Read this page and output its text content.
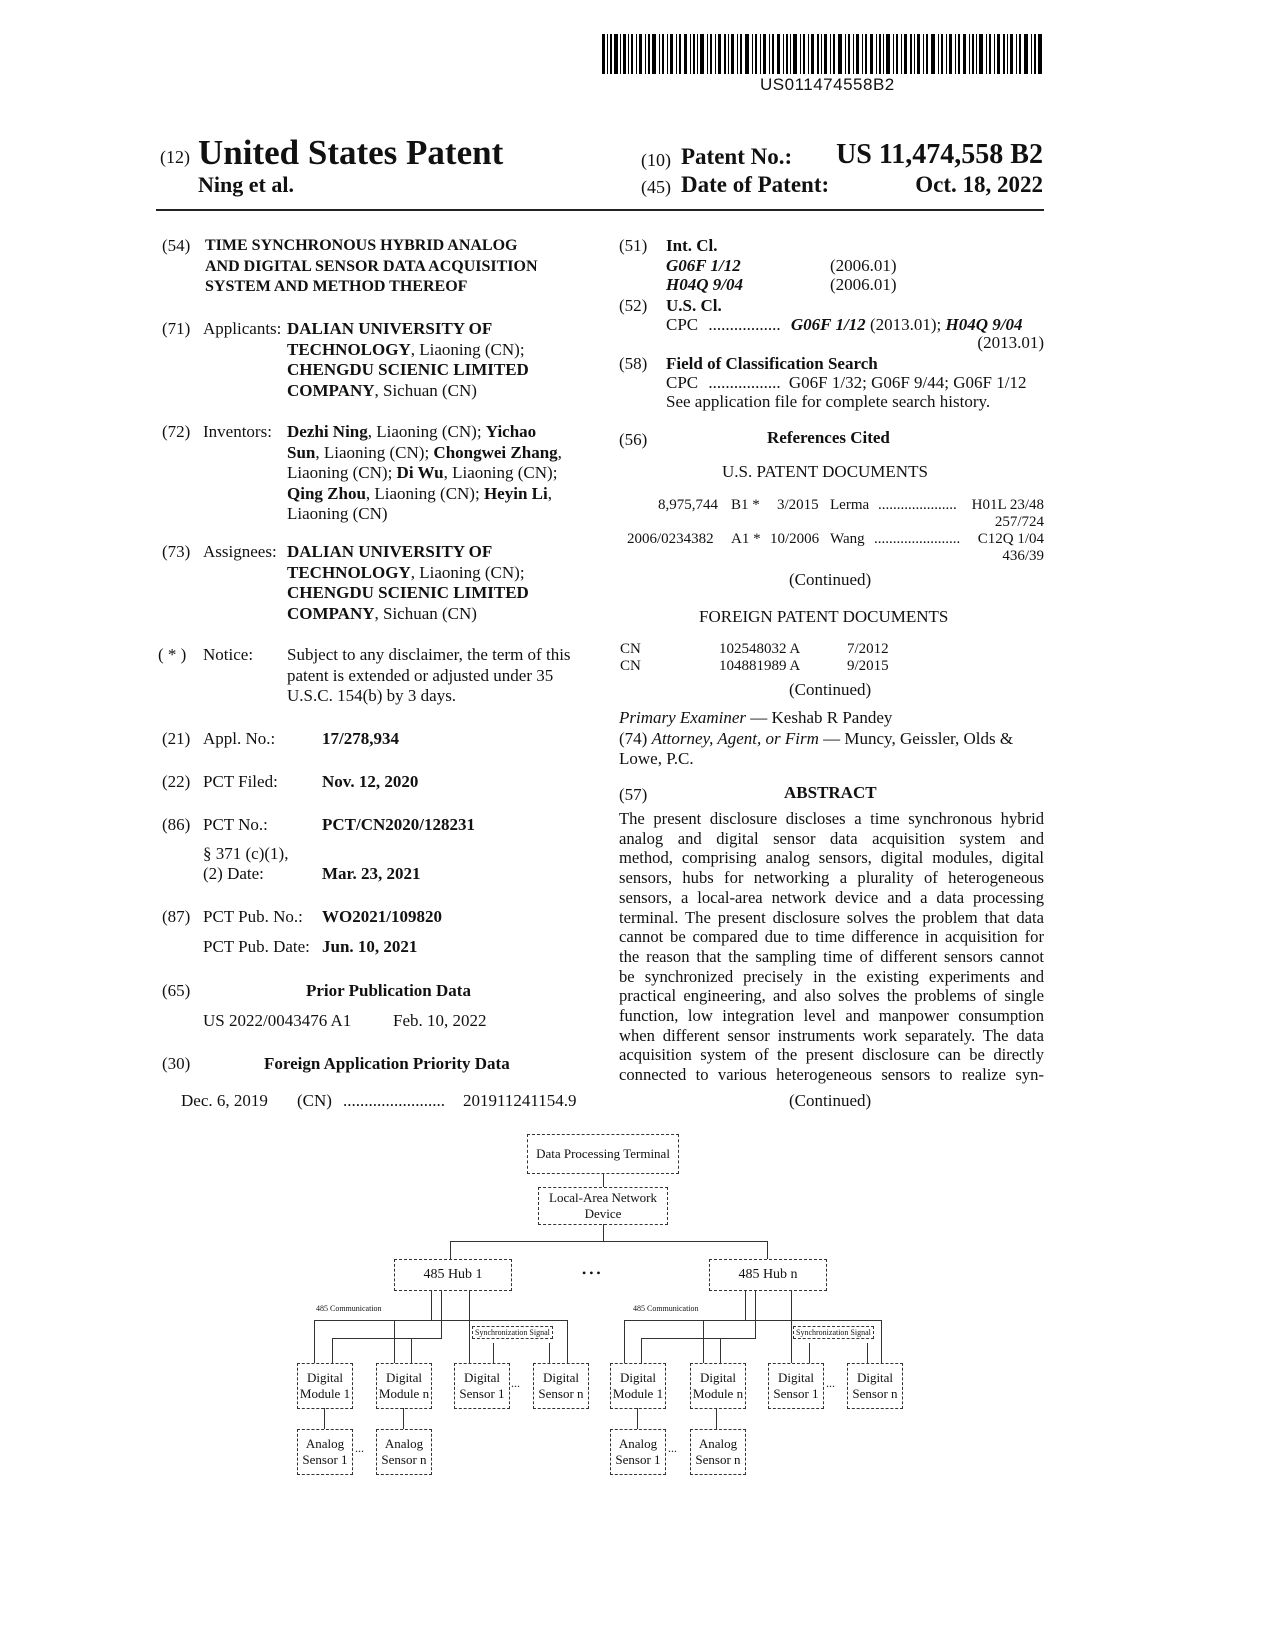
US011474558B2
(12) United States Patent
Ning et al.
(10) Patent No.: US 11,474,558 B2
(45) Date of Patent:	Oct. 18, 2022
(54) TIME SYNCHRONOUS HYBRID ANALOG
AND DIGITAL SENSOR DATA ACQUISITION
SYSTEM AND METHOD THEREOF
(71) Applicants: DALIAN UNIVERSITY OF
TECHNOLOGY, Liaoning (CN);
CHENGDU SCIENIC LIMITED
COMPANY, Sichuan (CN)
(72) Inventors: Dezhi Ning, Liaoning (CN); Yichao
Sun, Liaoning (CN); Chongwei Zhang,
Liaoning (CN); Di Wu, Liaoning (CN);
Qing Zhou, Liaoning (CN); Heyin Li,
Liaoning (CN)
(73) Assignees: DALIAN UNIVERSITY OF
TECHNOLOGY, Liaoning (CN);
CHENGDU SCIENIC LIMITED
COMPANY, Sichuan (CN)
( * ) Notice: Subject to any disclaimer, the term of this
patent is extended or adjusted under 35
U.S.C. 154(b) by 3 days.
(21) Appl. No.:	17/278,934
(22) PCT Filed:	Nov. 12, 2020
(86) PCT No.:	PCT/CN2020/128231
§ 371 (c)(1),
(2) Date:	Mar. 23, 2021
(87) PCT Pub. No.: WO2021/109820
PCT Pub. Date: Jun. 10, 2021
(65)	Prior Publication Data
US 2022/0043476 A1 Feb. 10, 2022
(30)	Foreign Application Priority Data
Dec. 6, 2019 (CN) ........................ 201911241154.9
(51) Int. Cl.
G06F 1/12	(2006.01)
H04Q 9/04	(2006.01)
(52) U.S. Cl.
CPC ................. G06F 1/12 (2013.01); H04Q 9/04
(2013.01)
(58) Field of Classification Search
CPC ................. G06F 1/32; G06F 9/44; G06F 1/12
See application file for complete search history.
(56)	References Cited
U.S. PATENT DOCUMENTS
8,975,744 B1 * 3/2015 Lerma ..................... H01L 23/48
257/724
2006/0234382 A1 * 10/2006 Wang ....................... C12Q 1/04
436/39
(Continued)
FOREIGN PATENT DOCUMENTS
CN	102548032 A	7/2012
CN	104881989 A	9/2015
(Continued)
Primary Examiner — Keshab R Pandey
(74) Attorney, Agent, or Firm — Muncy, Geissler, Olds &
Lowe, P.C.
(57)	ABSTRACT
The present disclosure discloses a time synchronous hybrid
analog and digital sensor data acquisition system and
method, comprising analog sensors, digital modules, digital
sensors, hubs for networking a plurality of heterogeneous
sensors, a local-area network device and a data processing
terminal. The present disclosure solves the problem that data
cannot be compared due to time difference in acquisition for
the reason that the sampling time of different sensors cannot
be synchronized precisely in the existing experiments and
practical engineering, and also solves the problems of single
function, low integration level and manpower consumption
when different sensor instruments work separately. The data
acquisition system of the present disclosure can be directly
connected to various heterogeneous sensors to realize syn-
(Continued)
Data Processing Terminal
Local-Area Network
Device
485 Hub 1	• • •	485 Hub n
485 Communication
Synchronization Signal
Digital
Module 1
Digital
Module n
Digital
Sensor 1
... Digital
Sensor n
Analog
Sensor 1
... Analog
Sensor n
485 Communication
Synchronization Signal
Digital
Module 1
Digital
Module n
Digital
Sensor 1
... Digital
Sensor n
Analog
Sensor 1
... Analog
Sensor n
